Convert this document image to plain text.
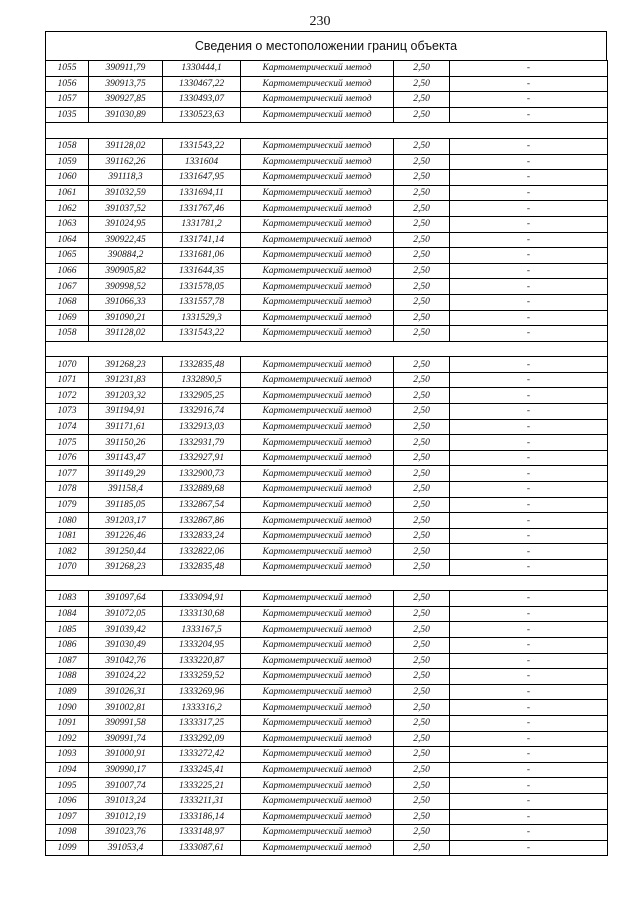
230
Сведения о местоположении границ объекта
1055	390911,79	1330444,1	Картометрический метод	2,50	-
1056	390913,75	1330467,22	Картометрический метод	2,50	-
1057	390927,85	1330493,07	Картометрический метод	2,50	-
1035	391030,89	1330523,63	Картометрический метод	2,50	-

1058	391128,02	1331543,22	Картометрический метод	2,50	-
1059	391162,26	1331604	Картометрический метод	2,50	-
1060	391118,3	1331647,95	Картометрический метод	2,50	-
1061	391032,59	1331694,11	Картометрический метод	2,50	-
1062	391037,52	1331767,46	Картометрический метод	2,50	-
1063	391024,95	1331781,2	Картометрический метод	2,50	-
1064	390922,45	1331741,14	Картометрический метод	2,50	-
1065	390884,2	1331681,06	Картометрический метод	2,50	-
1066	390905,82	1331644,35	Картометрический метод	2,50	-
1067	390998,52	1331578,05	Картометрический метод	2,50	-
1068	391066,33	1331557,78	Картометрический метод	2,50	-
1069	391090,21	1331529,3	Картометрический метод	2,50	-
1058	391128,02	1331543,22	Картометрический метод	2,50	-

1070	391268,23	1332835,48	Картометрический метод	2,50	-
1071	391231,83	1332890,5	Картометрический метод	2,50	-
1072	391203,32	1332905,25	Картометрический метод	2,50	-
1073	391194,91	1332916,74	Картометрический метод	2,50	-
1074	391171,61	1332913,03	Картометрический метод	2,50	-
1075	391150,26	1332931,79	Картометрический метод	2,50	-
1076	391143,47	1332927,91	Картометрический метод	2,50	-
1077	391149,29	1332900,73	Картометрический метод	2,50	-
1078	391158,4	1332889,68	Картометрический метод	2,50	-
1079	391185,05	1332867,54	Картометрический метод	2,50	-
1080	391203,17	1332867,86	Картометрический метод	2,50	-
1081	391226,46	1332833,24	Картометрический метод	2,50	-
1082	391250,44	1332822,06	Картометрический метод	2,50	-
1070	391268,23	1332835,48	Картометрический метод	2,50	-

1083	391097,64	1333094,91	Картометрический метод	2,50	-
1084	391072,05	1333130,68	Картометрический метод	2,50	-
1085	391039,42	1333167,5	Картометрический метод	2,50	-
1086	391030,49	1333204,95	Картометрический метод	2,50	-
1087	391042,76	1333220,87	Картометрический метод	2,50	-
1088	391024,22	1333259,52	Картометрический метод	2,50	-
1089	391026,31	1333269,96	Картометрический метод	2,50	-
1090	391002,81	1333316,2	Картометрический метод	2,50	-
1091	390991,58	1333317,25	Картометрический метод	2,50	-
1092	390991,74	1333292,09	Картометрический метод	2,50	-
1093	391000,91	1333272,42	Картометрический метод	2,50	-
1094	390990,17	1333245,41	Картометрический метод	2,50	-
1095	391007,74	1333225,21	Картометрический метод	2,50	-
1096	391013,24	1333211,31	Картометрический метод	2,50	-
1097	391012,19	1333186,14	Картометрический метод	2,50	-
1098	391023,76	1333148,97	Картометрический метод	2,50	-
1099	391053,4	1333087,61	Картометрический метод	2,50	-
